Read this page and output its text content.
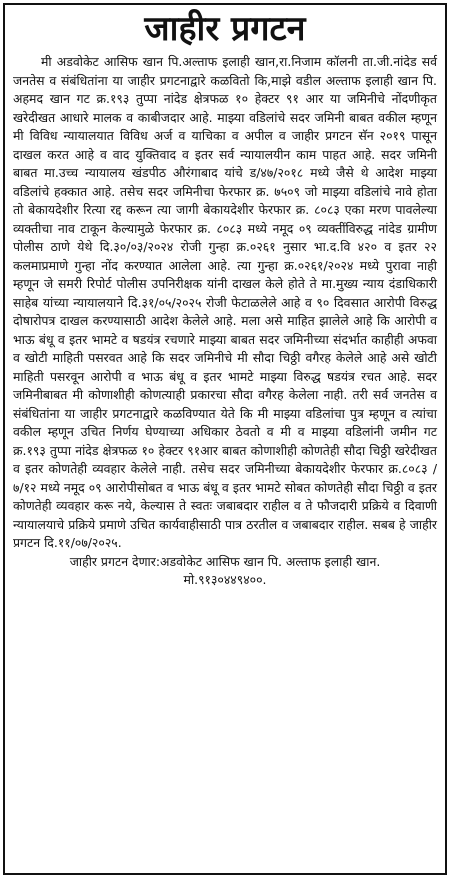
जाहीर प्रगटन

मी अडवोकेट आसिफ खान पि.अल्ताफ इलाही खान,रा.निजाम कॉलनी ता.जी.नांदेड सर्व जनतेस व संबंधितांना या जाहीर प्रगटनाद्वारे कळवितो कि,माझे वडील अल्ताफ इलाही खान पि. अहमद खान गट क्र.१९३ तुप्पा नांदेड क्षेत्रफळ १० हेक्टर ९१ आर या जमिनीचे नोंदणीकृत खरेदीखत आधारे मालक व काबीजदार आहे. माझ्या वडिलांचे सदर जमिनी बाबत वकील म्हणून मी विविध न्यायालयात विविध अर्ज व याचिका व अपील व जाहीर प्रगटन सॅन २०१९ पासून दाखल करत आहे व वाद युक्तिवाद व इतर सर्व न्यायालयीन काम पाहत आहे. सदर जमिनी बाबत मा.उच्च न्यायालय खंडपीठ औरंगाबाद यांचे ड/४७/२०१८ मध्ये जैसे थे आदेश माझ्या वडिलांचे हक्कात आहे. तसेच सदर जमिनीचा फेरफार क्र. ७५०९ जो माझ्या वडिलांचे नावे होता तो बेकायदेशीर रित्या रद्द करून त्या जागी बेकायदेशीर फेरफार क्र. ८०८३ एका मरण पावलेल्या व्यक्तीचा नाव टाकून केल्यामुळे फेरफार क्र. ८०८३ मध्ये नमूद ०९ व्यक्तींविरुद्ध नांदेड ग्रामीण पोलीस ठाणे येथे दि.३०/०३/२०२४ रोजी गुन्हा क्र.०२६१ नुसार भा.द.वि ४२० व इतर २२ कलमाप्रमाणे गुन्हा नोंद करण्यात आलेला आहे. त्या गुन्हा क्र.०२६१/२०२४ मध्ये पुरावा नाही म्हणून जे समरी रिपोर्ट पोलीस उपनिरीक्षक यांनी दाखल केले होते ते मा.मुख्य न्याय दंडाधिकारी साहेब यांच्या न्यायालयाने दि.३१/०५/२०२५ रोजी फेटाळलेले आहे व ९० दिवसात आरोपी विरुद्ध दोषारोपत्र दाखल करण्यासाठी आदेश केलेले आहे. मला असे माहित झालेले आहे कि आरोपी व भाऊ बंधू व इतर भामटे व षडयंत्र रचणारे माझ्या बाबत सदर जमिनीच्या संदर्भात काहीही अफवा व खोटी माहिती पसरवत आहे कि सदर जमिनीचे मी सौदा चिठ्ठी वगैरह केलेले आहे असे खोटी माहिती पसरवून आरोपी व भाऊ बंधू व इतर भामटे माझ्या विरुद्ध षडयंत्र रचत आहे. सदर जमिनीबाबत मी कोणाशीही कोणत्याही प्रकारचा सौदा वगैरह केलेला नाही. तरी सर्व जनतेस व संबंधितांना या जाहीर प्रगटनाद्वारे कळविण्यात येते कि मी माझ्या वडिलांचा पुत्र म्हणून व त्यांचा वकील म्हणून उचित निर्णय घेण्याच्या अधिकार ठेवतो व मी व माझ्या वडिलांनी जमीन गट क्र.१९३ तुप्पा नांदेड क्षेत्रफळ १० हेक्टर ९१आर बाबत कोणाशीही कोणतेही सौदा चिठ्ठी खरेदीखत व इतर कोणतेही व्यवहार केलेले नाही. तसेच सदर जमिनीच्या बेकायदेशीर फेरफार क्र.८०८३ / ७/१२ मध्ये नमूद ०९ आरोपीसोबत व भाऊ बंधू व इतर भामटे सोबत कोणतेही सौदा चिठ्ठी व इतर कोणतेही व्यवहार करू नये, केल्यास ते स्वतः जबाबदार राहील व ते फौजदारी प्रक्रिये व दिवाणी न्यायालयाचे प्रक्रिये प्रमाणे उचित कार्यवाहीसाठी पात्र ठरतील व जबाबदार राहील. सबब हे जाहीर प्रगटन दि.११/०७/२०२५.

जाहीर प्रगटन देणार:अडवोकेट आसिफ खान पि. अल्ताफ इलाही खान. मो.९१३०४४९४००.
